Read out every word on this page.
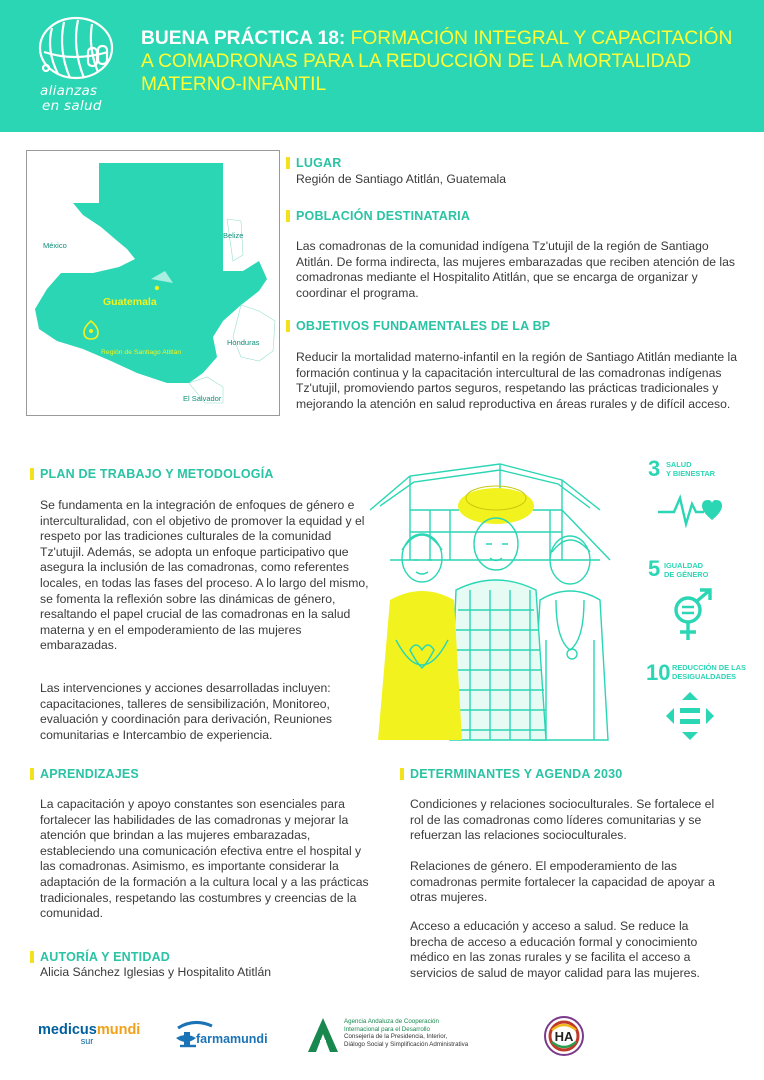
alianzas
en salud
BUENA PRÁCTICA 18: FORMACIÓN INTEGRAL Y CAPACITACIÓN A COMADRONAS PARA LA REDUCCIÓN DE LA MORTALIDAD MATERNO-INFANTIL
México
Belize
Guatemala
Honduras
Región de Santiago Atitlán
El Salvador
LUGAR
Región de Santiago Atitlán, Guatemala
POBLACIÓN DESTINATARIA
Las comadronas de la comunidad indígena Tz'utujil de la región de Santiago Atitlán. De forma indirecta, las mujeres embarazadas que reciben atención de las comadronas mediante el Hospitalito Atitlán, que se encarga de organizar y coordinar el programa.
OBJETIVOS FUNDAMENTALES DE LA BP
Reducir la mortalidad materno-infantil en la región de Santiago Atitlán mediante la formación continua y la capacitación intercultural de las comadronas indígenas Tz'utujil, promoviendo partos seguros, respetando las prácticas tradicionales y mejorando la atención en salud reproductiva en áreas rurales y de difícil acceso.
PLAN DE TRABAJO Y METODOLOGÍA
Se fundamenta en la integración de enfoques de género e interculturalidad, con el objetivo de promover la equidad y el respeto por las tradiciones culturales de la comunidad Tz'utujil. Además, se adopta un enfoque participativo que asegura la inclusión de las comadronas, como referentes locales, en todas las fases del proceso. A lo largo del mismo, se fomenta la reflexión sobre las dinámicas de género, resaltando el papel crucial de las comadronas en la salud materna y en el empoderamiento de las mujeres embarazadas.
Las intervenciones y acciones desarrolladas incluyen: capacitaciones, talleres de sensibilización, Monitoreo, evaluación y coordinación para derivación, Reuniones comunitarias e Intercambio de experiencia.
3 SALUD
Y BIENESTAR
5 IGUALDAD
DE GÉNERO
10 REDUCCIÓN DE LAS
DESIGUALDADES
APRENDIZAJES
La capacitación y apoyo constantes son esenciales para fortalecer las habilidades de las comadronas y mejorar la atención que brindan a las mujeres embarazadas, estableciendo una comunicación efectiva entre el hospital y las comadronas. Asimismo, es importante considerar la adaptación de la formación a la cultura local y a las prácticas tradicionales, respetando las costumbres y creencias de la comunidad.
AUTORÍA Y ENTIDAD
Alicia Sánchez Iglesias y Hospitalito Atitlán
DETERMINANTES Y AGENDA 2030
Condiciones y relaciones socioculturales. Se fortalece el rol de las comadronas como líderes comunitarias y se refuerzan las relaciones socioculturales.
Relaciones de género. El empoderamiento de las comadronas permite fortalecer la capacidad de apoyar a otras mujeres.
Acceso a educación y acceso a salud. Se reduce la brecha de acceso a educación formal y conocimiento médico en las zonas rurales y se facilita el acceso a servicios de salud de mayor calidad para las mujeres.
medicusmundi
sur	farmamundi
Agencia Andaluza de Cooperación
Internacional para el Desarrollo
Consejería de la Presidencia, Interior,
Diálogo Social y Simplificación Administrativa
HA
